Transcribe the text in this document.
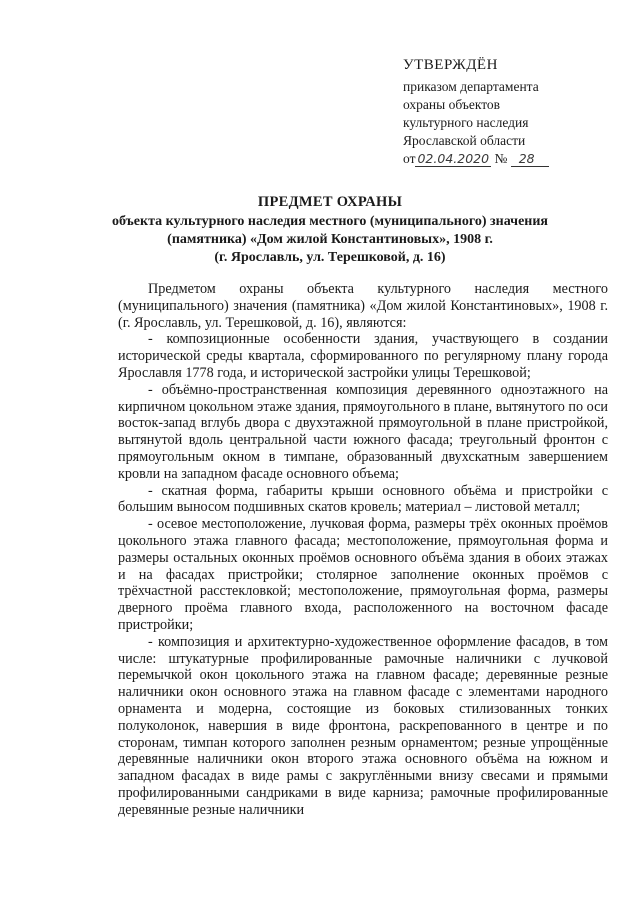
УТВЕРЖДЁН
приказом департамента
охраны объектов
культурного наследия
Ярославской области
от 02.04.2020 № 28
ПРЕДМЕТ ОХРАНЫ
объекта культурного наследия местного (муниципального) значения
(памятника) «Дом жилой Константиновых», 1908 г.
(г. Ярославль, ул. Терешковой, д. 16)

Предметом охраны объекта культурного наследия местного (муниципального) значения (памятника) «Дом жилой Константиновых», 1908 г. (г. Ярославль, ул. Терешковой, д. 16), являются:

- композиционные особенности здания, участвующего в создании исторической среды квартала, сформированного по регулярному плану города Ярославля 1778 года, и исторической застройки улицы Терешковой;

- объёмно-пространственная композиция деревянного одноэтажного на кирпичном цокольном этаже здания, прямоугольного в плане, вытянутого по оси восток-запад вглубь двора с двухэтажной прямоугольной в плане пристройкой, вытянутой вдоль центральной части южного фасада; треугольный фронтон с прямоугольным окном в тимпане, образованный двухскатным завершением кровли на западном фасаде основного объема;

- скатная форма, габариты крыши основного объёма и пристройки с большим выносом подшивных скатов кровель; материал – листовой металл;

- осевое местоположение, лучковая форма, размеры трёх оконных проёмов цокольного этажа главного фасада; местоположение, прямоугольная форма и размеры остальных оконных проёмов основного объёма здания в обоих этажах и на фасадах пристройки; столярное заполнение оконных проёмов с трёхчастной расстекловкой; местоположение, прямоугольная форма, размеры дверного проёма главного входа, расположенного на восточном фасаде пристройки;

- композиция и архитектурно-художественное оформление фасадов, в том числе: штукатурные профилированные рамочные наличники с лучковой перемычкой окон цокольного этажа на главном фасаде; деревянные резные наличники окон основного этажа на главном фасаде с элементами народного орнамента и модерна, состоящие из боковых стилизованных тонких полуколонок, навершия в виде фронтона, раскрепованного в центре и по сторонам, тимпан которого заполнен резным орнаментом; резные упрощённые деревянные наличники окон второго этажа основного объёма на южном и западном фасадах в виде рамы с закруглёнными внизу свесами и прямыми профилированными сандриками в виде карниза; рамочные профилированные деревянные резные наличники
